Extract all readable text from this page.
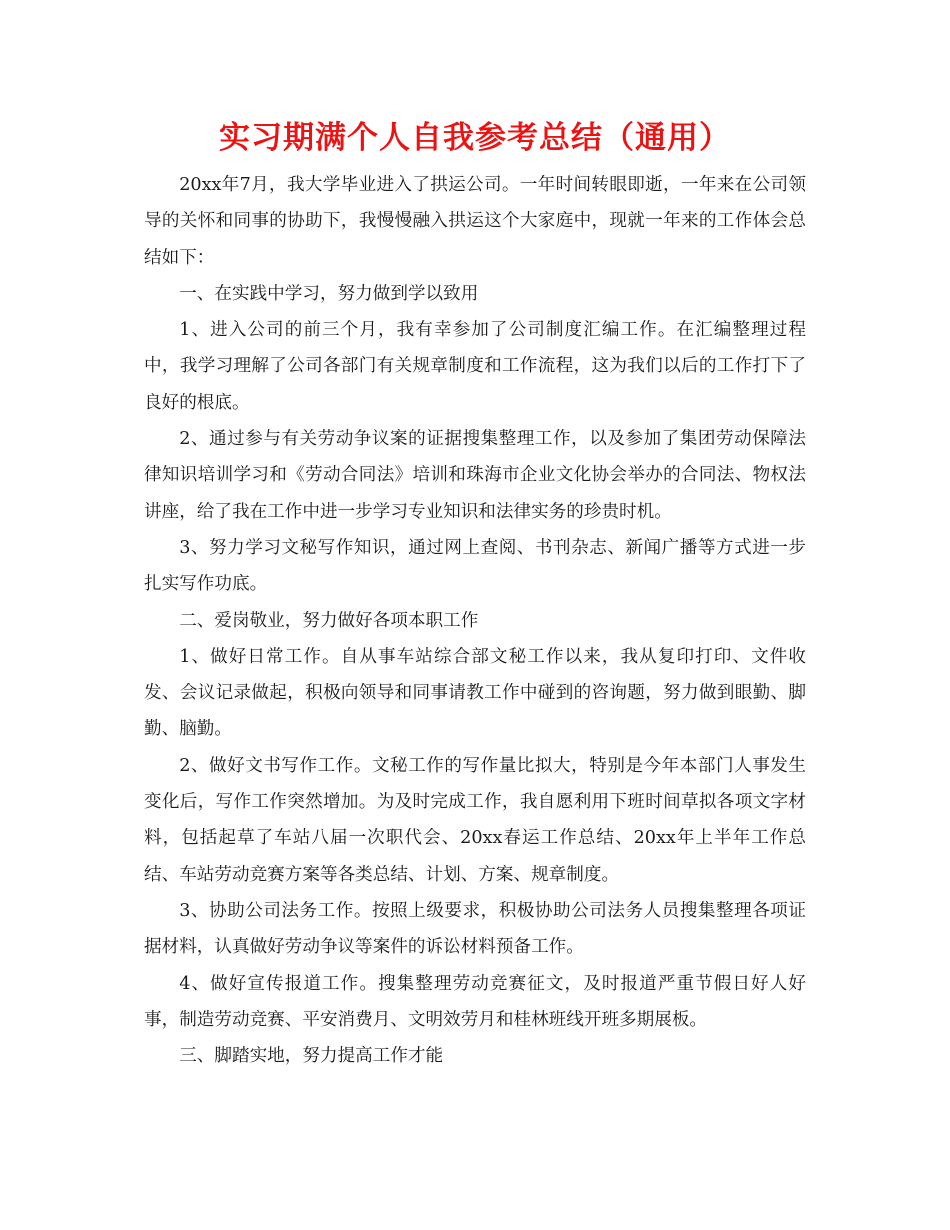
实习期满个人自我参考总结（通用）

20xx年7月，我大学毕业进入了拱运公司。一年时间转眼即逝，一年来在公司领导的关怀和同事的协助下，我慢慢融入拱运这个大家庭中，现就一年来的工作体会总结如下：

一、在实践中学习，努力做到学以致用

1、进入公司的前三个月，我有幸参加了公司制度汇编工作。在汇编整理过程中，我学习理解了公司各部门有关规章制度和工作流程，这为我们以后的工作打下了良好的根底。

2、通过参与有关劳动争议案的证据搜集整理工作，以及参加了集团劳动保障法律知识培训学习和《劳动合同法》培训和珠海市企业文化协会举办的合同法、物权法讲座，给了我在工作中进一步学习专业知识和法律实务的珍贵时机。

3、努力学习文秘写作知识，通过网上查阅、书刊杂志、新闻广播等方式进一步扎实写作功底。

二、爱岗敬业，努力做好各项本职工作

1、做好日常工作。自从事车站综合部文秘工作以来，我从复印打印、文件收发、会议记录做起，积极向领导和同事请教工作中碰到的咨询题，努力做到眼勤、脚勤、脑勤。

2、做好文书写作工作。文秘工作的写作量比拟大，特别是今年本部门人事发生变化后，写作工作突然增加。为及时完成工作，我自愿利用下班时间草拟各项文字材料，包括起草了车站八届一次职代会、20xx春运工作总结、20xx年上半年工作总结、车站劳动竞赛方案等各类总结、计划、方案、规章制度。

3、协助公司法务工作。按照上级要求，积极协助公司法务人员搜集整理各项证据材料，认真做好劳动争议等案件的诉讼材料预备工作。

4、做好宣传报道工作。搜集整理劳动竞赛征文，及时报道严重节假日好人好事，制造劳动竞赛、平安消费月、文明效劳月和桂林班线开班多期展板。

三、脚踏实地，努力提高工作才能
